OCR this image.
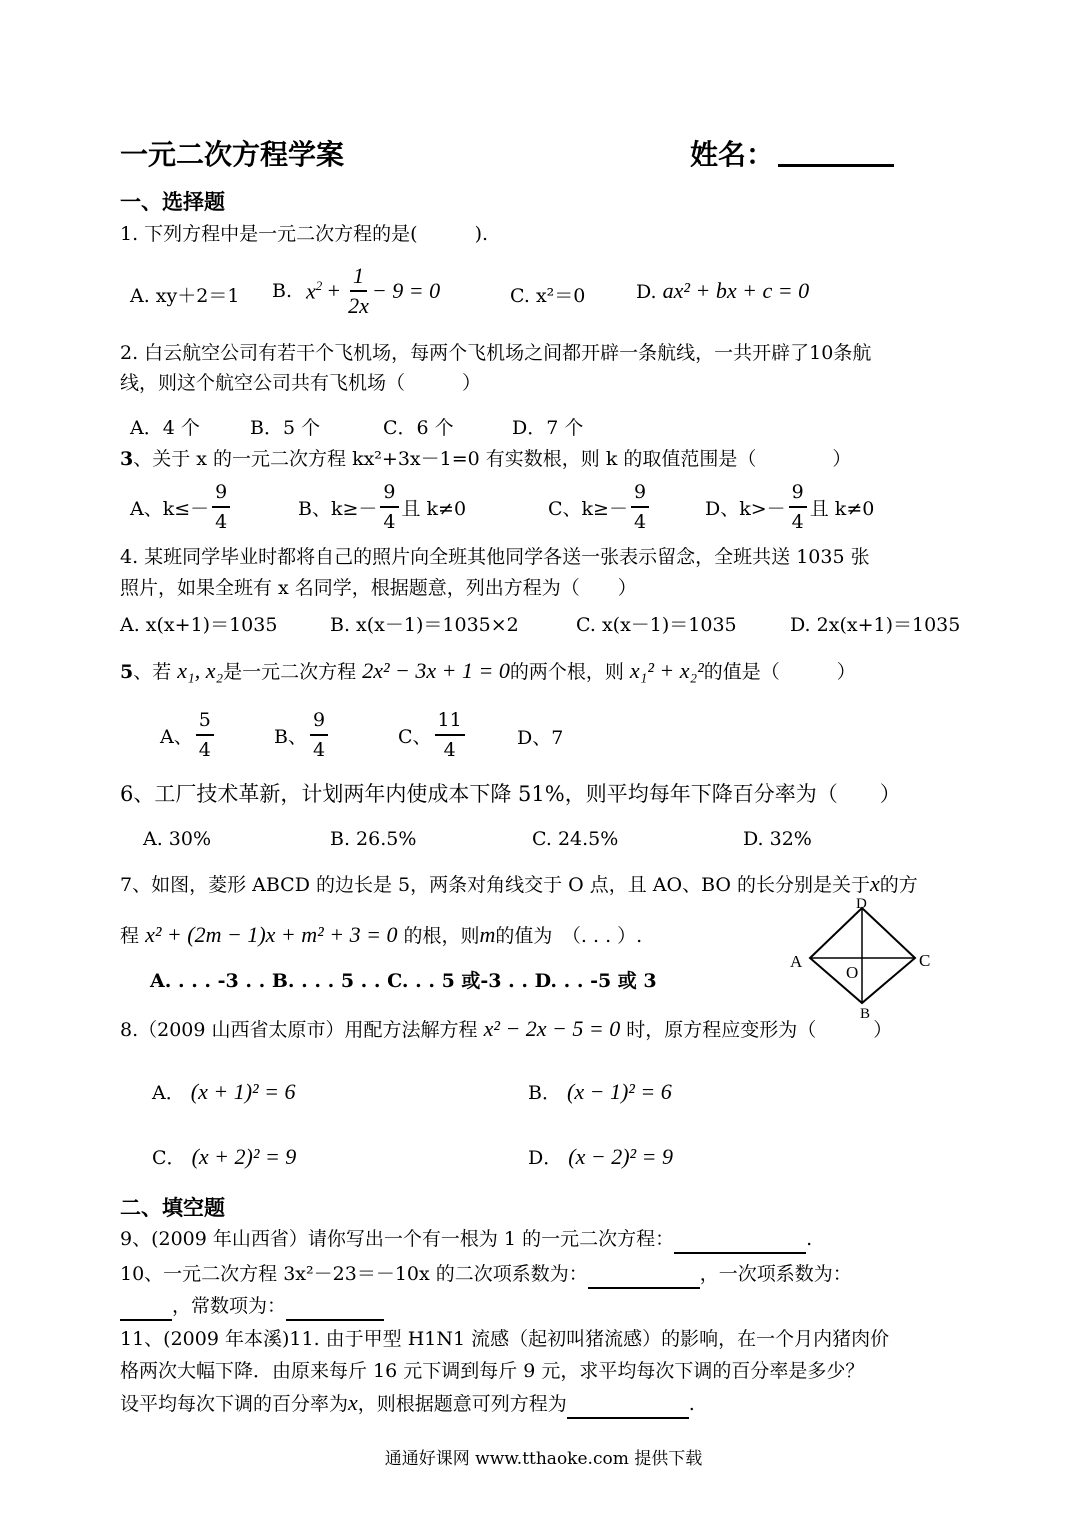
一元二次方程学案	姓名：
一、选择题
1. 下列方程中是一元二次方程的是(　　　).
A. xy＋2＝1 B. $x^2 + \frac{1}{2x} - 9 = 0$	C. x²＝0	D. ax² + bx + c = 0
2. 白云航空公司有若干个飞机场，每两个飞机场之间都开辟一条航线，一共开辟了10条航
线，则这个航空公司共有飞机场（　　　）
A．4 个	B．5 个	C．6 个	D．7 个
3、关于 x 的一元二次方程 kx²+3x－1=0 有实数根，则 k 的取值范围是（　　　　）
A、$k\le- \frac{9}{4}$	B、$k\ge- \frac{9}{4}$ 且 k≠0	C、$k\ge- \frac{9}{4}$	D、$k>- \frac{9}{4}$ 且 k≠0
4. 某班同学毕业时都将自己的照片向全班其他同学各送一张表示留念，全班共送 1035 张
照片，如果全班有 x 名同学，根据题意，列出方程为（　　）
A. x(x+1)＝1035	B. x(x－1)＝1035×2	C. x(x－1)＝1035	D. 2x(x+1)＝1035
5、若 x₁, x₂是一元二次方程 2x² − 3x + 1 = 0的两个根，则 x₁² + x₂²的值是（　　　）
A、 $\frac{5}{4}$	B、 $\frac{9}{4}$	C、 $\frac{11}{4}$	D、7
6、工厂技术革新，计划两年内使成本下降 51%，则平均每年下降百分率为（　　）
A. 30%	B. 26.5%	C. 24.5%	D. 32%
7、如图，菱形 ABCD 的边长是 5，两条对角线交于 O 点，且 AO、BO 的长分别是关于x的方
程 x² + (2m − 1)x + m² + 3 = 0 的根，则m的值为　（. . . ）.
A. . . . -3 . . B. . . . 5 . . C. . . 5 或-3 . . D. . . -5 或 3
A	C
D
B
O
8.（2009 山西省太原市）用配方法解方程 x² − 2x − 5 = 0 时，原方程应变形为（　　　）
A． (x + 1)² = 6	B． (x − 1)² = 6
C． (x + 2)² = 9	D． (x − 2)² = 9
二、填空题
9、(2009 年山西省）请你写出一个有一根为 1 的一元二次方程：	.
10、一元二次方程 3x²－23＝－10x 的二次项系数为：	，一次项系数为：
，常数项为：
11、(2009 年本溪)11. 由于甲型 H1N1 流感（起初叫猪流感）的影响，在一个月内猪肉价
格两次大幅下降．由原来每斤 16 元下调到每斤 9 元，求平均每次下调的百分率是多少？
设平均每次下调的百分率为x，则根据题意可列方程为	.
通通好课网 www.tthaoke.com 提供下载
